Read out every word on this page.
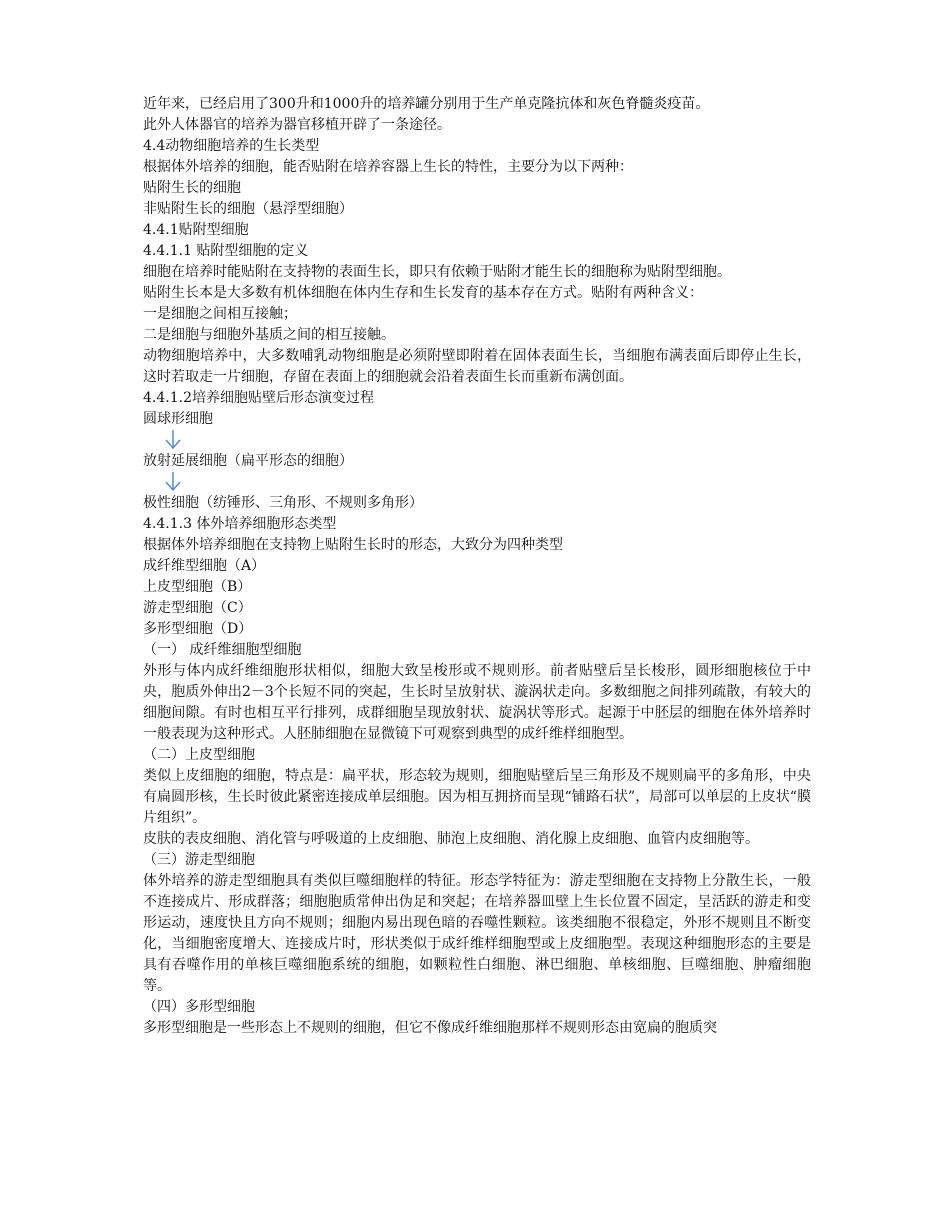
近年来，已经启用了300升和1000升的培养罐分别用于生产单克隆抗体和灰色脊髓炎疫苗。

此外人体器官的培养为器官移植开辟了一条途径。

4.4动物细胞培养的生长类型

根据体外培养的细胞，能否贴附在培养容器上生长的特性，主要分为以下两种：

贴附生长的细胞

非贴附生长的细胞（悬浮型细胞）

4.4.1贴附型细胞

4.4.1.1 贴附型细胞的定义

细胞在培养时能贴附在支持物的表面生长，即只有依赖于贴附才能生长的细胞称为贴附型细胞。

贴附生长本是大多数有机体细胞在体内生存和生长发育的基本存在方式。贴附有两种含义：

一是细胞之间相互接触；

二是细胞与细胞外基质之间的相互接触。

动物细胞培养中，大多数哺乳动物细胞是必须附壁即附着在固体表面生长，当细胞布满表面后即停止生长，这时若取走一片细胞，存留在表面上的细胞就会沿着表面生长而重新布满创面。

4.4.1.2培养细胞贴壁后形态演变过程

圆球形细胞

放射延展细胞（扁平形态的细胞）

极性细胞（纺锤形、三角形、不规则多角形）

4.4.1.3 体外培养细胞形态类型

根据体外培养细胞在支持物上贴附生长时的形态，大致分为四种类型

成纤维型细胞（A）

上皮型细胞（B）

游走型细胞（C）

多形型细胞（D）

（一） 成纤维细胞型细胞

外形与体内成纤维细胞形状相似，细胞大致呈梭形或不规则形。前者贴壁后呈长梭形，圆形细胞核位于中央，胞质外伸出2－3个长短不同的突起，生长时呈放射状、漩涡状走向。多数细胞之间排列疏散，有较大的细胞间隙。有时也相互平行排列，成群细胞呈现放射状、旋涡状等形式。起源于中胚层的细胞在体外培养时一般表现为这种形式。人胚肺细胞在显微镜下可观察到典型的成纤维样细胞型。

（二）上皮型细胞

类似上皮细胞的细胞，特点是：扁平状，形态较为规则，细胞贴壁后呈三角形及不规则扁平的多角形，中央有扁圆形核，生长时彼此紧密连接成单层细胞。因为相互拥挤而呈现“铺路石状”，局部可以单层的上皮状“膜片组织”。

皮肤的表皮细胞、消化管与呼吸道的上皮细胞、肺泡上皮细胞、消化腺上皮细胞、血管内皮细胞等。

（三）游走型细胞

体外培养的游走型细胞具有类似巨噬细胞样的特征。形态学特征为：游走型细胞在支持物上分散生长，一般不连接成片、形成群落；细胞胞质常伸出伪足和突起；在培养器皿壁上生长位置不固定，呈活跃的游走和变形运动，速度快且方向不规则；细胞内易出现色暗的吞噬性颗粒。该类细胞不很稳定，外形不规则且不断变化，当细胞密度增大、连接成片时，形状类似于成纤维样细胞型或上皮细胞型。表现这种细胞形态的主要是具有吞噬作用的单核巨噬细胞系统的细胞，如颗粒性白细胞、淋巴细胞、单核细胞、巨噬细胞、肿瘤细胞等。

（四）多形型细胞

多形型细胞是一些形态上不规则的细胞，但它不像成纤维细胞那样不规则形态由宽扁的胞质突
